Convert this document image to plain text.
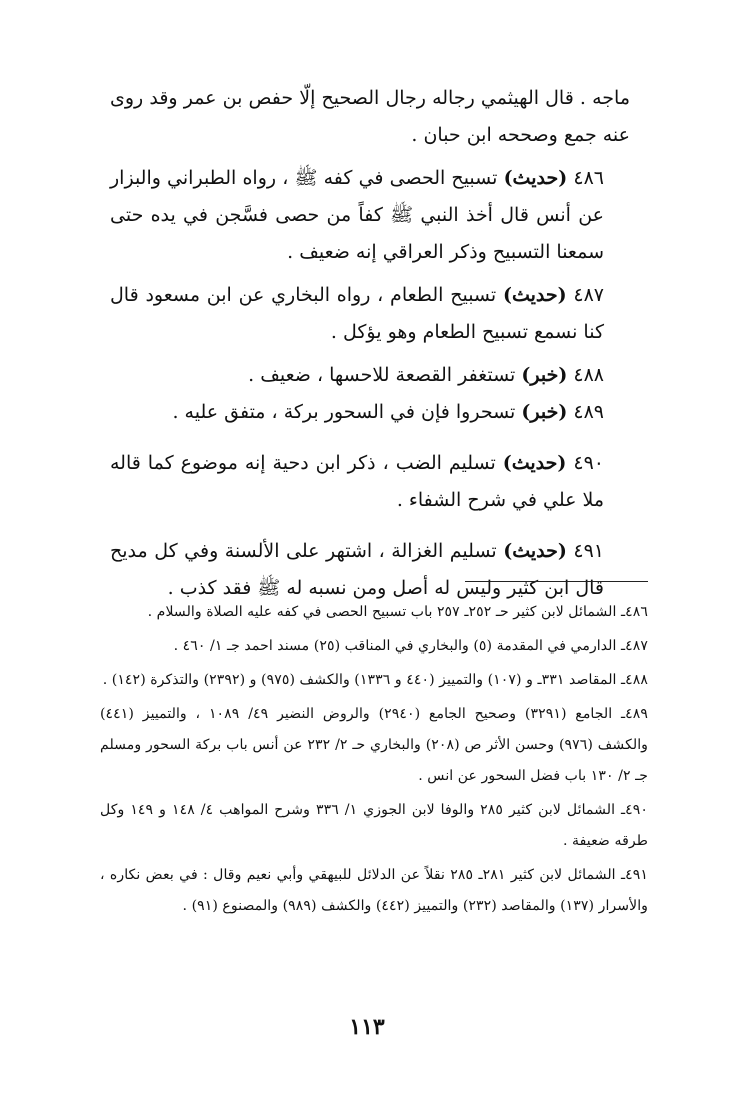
ماجه . قال الهيثمي رجاله رجال الصحيح إلّا حفص بن عمر وقد روى عنه جمع وصححه ابن حبان .

٤٨٦ (حديث) تسبيح الحصى في كفه ﷺ ، رواه الطبراني والبزار عن أنس قال أخذ النبي ﷺ كفاً من حصى فسَّجن في يده حتى سمعنا التسبيح وذكر العراقي إنه ضعيف .

٤٨٧ (حديث) تسبيح الطعام ، رواه البخاري عن ابن مسعود قال كنا نسمع تسبيح الطعام وهو يؤكل .

٤٨٨ (خبر) تستغفر القصعة للاحسها ، ضعيف .

٤٨٩ (خبر) تسحروا فإن في السحور بركة ، متفق عليه .

٤٩٠ (حديث) تسليم الضب ، ذكر ابن دحية إنه موضوع كما قاله ملا علي في شرح الشفاء .

٤٩١ (حديث) تسليم الغزالة ، اشتهر على الألسنة وفي كل مديح قال ابن كثير وليس له أصل ومن نسبه له ﷺ فقد كذب .

٤٨٦ـ الشمائل لابن كثير حـ ٢٥٢ـ ٢٥٧ باب تسبيح الحصى في كفه عليه الصلاة والسلام .

٤٨٧ـ الدارمي في المقدمة (٥) والبخاري في المناقب (٢٥) مسند احمد جـ ١/ ٤٦٠ .

٤٨٨ـ المقاصد ٣٣١ـ و (١٠٧) والتمييز (٤٤٠ و ١٣٣٦) والكشف (٩٧٥) و (٢٣٩٢) والتذكرة (١٤٢) .

٤٨٩ـ الجامع (٣٢٩١) وصحيح الجامع (٢٩٤٠) والروض النضير ٤٩/ ١٠٨٩ ، والتمييز (٤٤١) والكشف (٩٧٦) وحسن الأثر ص (٢٠٨) والبخاري حـ ٢/ ٢٣٢ عن أنس باب بركة السحور ومسلم جـ ٢/ ١٣٠ باب فضل السحور عن انس .

٤٩٠ـ الشمائل لابن كثير ٢٨٥ والوفا لابن الجوزي ١/ ٣٣٦ وشرح المواهب ٤/ ١٤٨ و ١٤٩ وكل طرقه ضعيفة .

٤٩١ـ الشمائل لابن كثير ٢٨١ـ ٢٨٥ نقلاً عن الدلائل للبيهقي وأبي نعيم وقال : في بعض نكاره ، والأسرار (١٣٧) والمقاصد (٢٣٢) والتمييز (٤٤٢) والكشف (٩٨٩) والمصنوع (٩١) .

١١٣
